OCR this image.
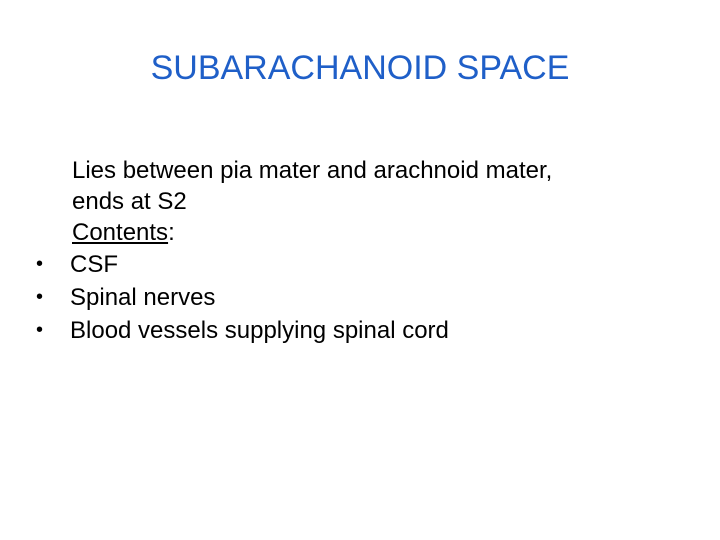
SUBARACHANOID SPACE
Lies between pia mater and arachnoid mater,
ends at S2
Contents:
•	CSF
•	Spinal nerves
•	Blood vessels supplying spinal cord
